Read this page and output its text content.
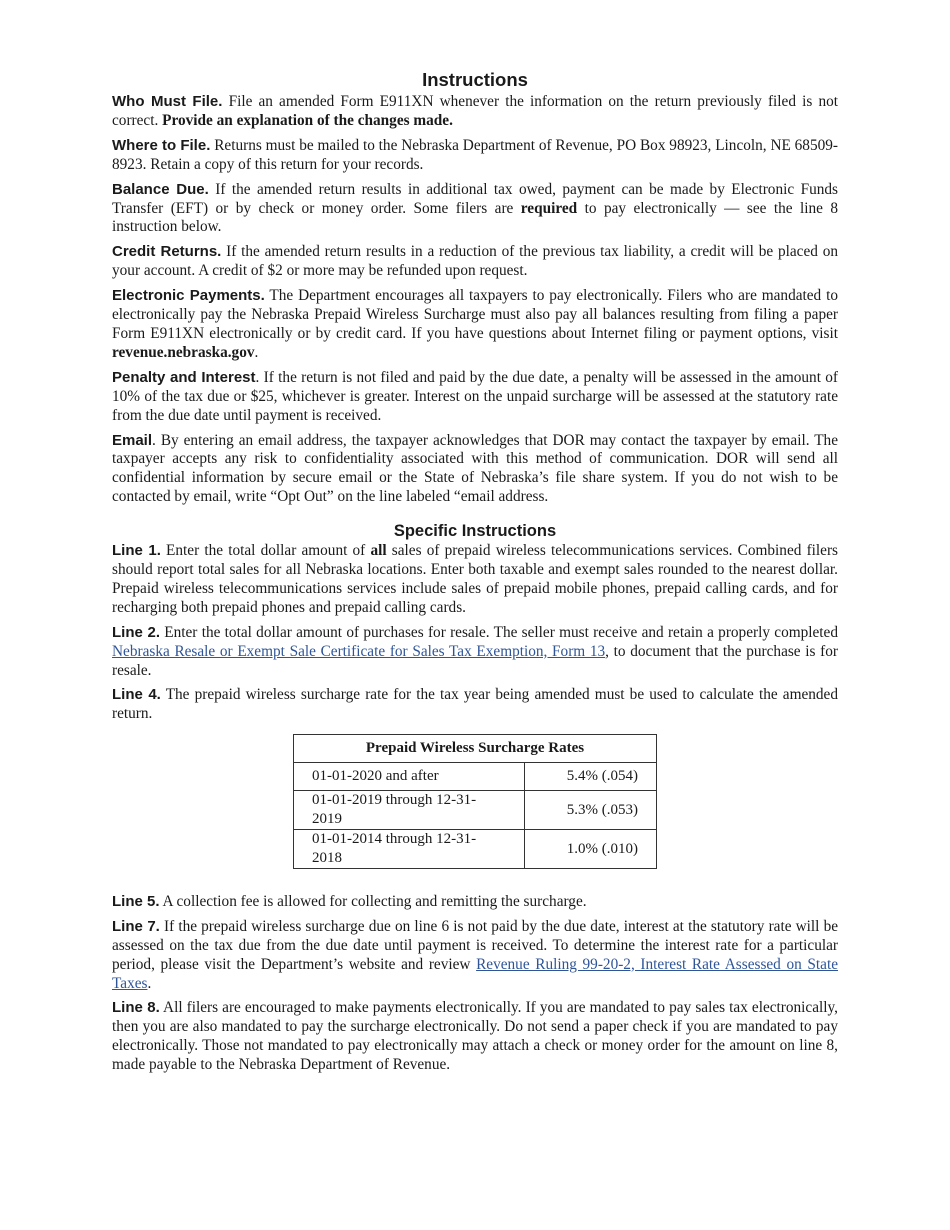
Instructions

Who Must File. File an amended Form E911XN whenever the information on the return previously filed is not correct. Provide an explanation of the changes made.

Where to File. Returns must be mailed to the Nebraska Department of Revenue, PO Box 98923, Lincoln, NE 68509-8923. Retain a copy of this return for your records.

Balance Due. If the amended return results in additional tax owed, payment can be made by Electronic Funds Transfer (EFT) or by check or money order. Some filers are required to pay electronically — see the line 8 instruction below.

Credit Returns. If the amended return results in a reduction of the previous tax liability, a credit will be placed on your account. A credit of $2 or more may be refunded upon request.

Electronic Payments. The Department encourages all taxpayers to pay electronically. Filers who are mandated to electronically pay the Nebraska Prepaid Wireless Surcharge must also pay all balances resulting from filing a paper Form E911XN electronically or by credit card. If you have questions about Internet filing or payment options, visit revenue.nebraska.gov.

Penalty and Interest. If the return is not filed and paid by the due date, a penalty will be assessed in the amount of 10% of the tax due or $25, whichever is greater. Interest on the unpaid surcharge will be assessed at the statutory rate from the due date until payment is received.

Email. By entering an email address, the taxpayer acknowledges that DOR may contact the taxpayer by email. The taxpayer accepts any risk to confidentiality associated with this method of communication. DOR will send all confidential information by secure email or the State of Nebraska’s file share system. If you do not wish to be contacted by email, write “Opt Out” on the line labeled “email address.

Specific Instructions

Line 1. Enter the total dollar amount of all sales of prepaid wireless telecommunications services. Combined filers should report total sales for all Nebraska locations. Enter both taxable and exempt sales rounded to the nearest dollar. Prepaid wireless telecommunications services include sales of prepaid mobile phones, prepaid calling cards, and for recharging both prepaid phones and prepaid calling cards.

Line 2. Enter the total dollar amount of purchases for resale. The seller must receive and retain a properly completed Nebraska Resale or Exempt Sale Certificate for Sales Tax Exemption, Form 13, to document that the purchase is for resale.

Line 4. The prepaid wireless surcharge rate for the tax year being amended must be used to calculate the amended return.

Prepaid Wireless Surcharge Rates	
01-01-2020 and after	5.4% (.054)
01-01-2019 through 12-31-2019	5.3% (.053)
01-01-2014 through 12-31-2018	1.0% (.010)

Line 5. A collection fee is allowed for collecting and remitting the surcharge.

Line 7. If the prepaid wireless surcharge due on line 6 is not paid by the due date, interest at the statutory rate will be assessed on the tax due from the due date until payment is received. To determine the interest rate for a particular period, please visit the Department’s website and review Revenue Ruling 99-20-2, Interest Rate Assessed on State Taxes.

Line 8. All filers are encouraged to make payments electronically. If you are mandated to pay sales tax electronically, then you are also mandated to pay the surcharge electronically. Do not send a paper check if you are mandated to pay electronically. Those not mandated to pay electronically may attach a check or money order for the amount on line 8, made payable to the Nebraska Department of Revenue.
